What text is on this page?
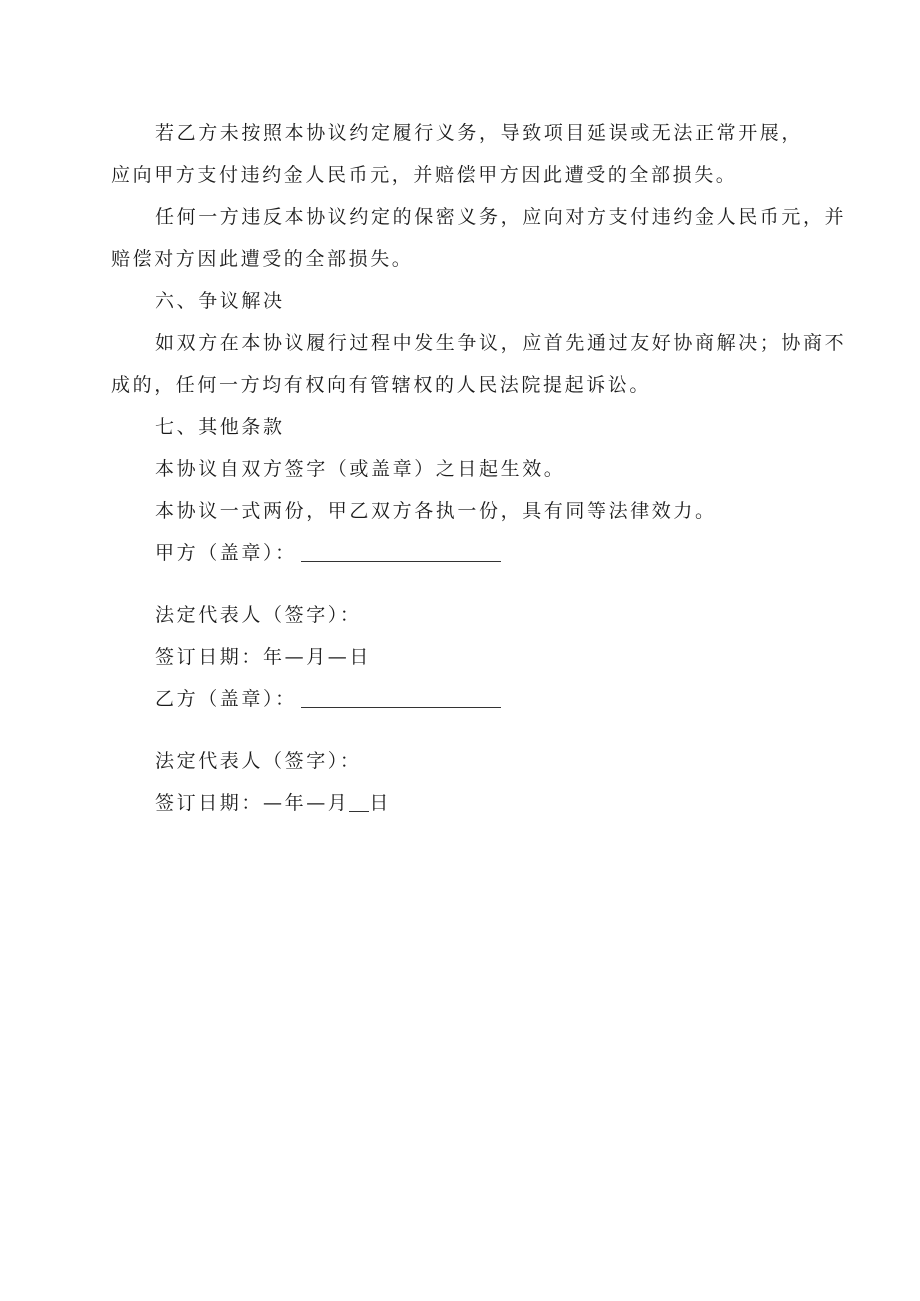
若乙方未按照本协议约定履行义务，导致项目延误或无法正常开展，
应向甲方支付违约金人民币元，并赔偿甲方因此遭受的全部损失。
任何一方违反本协议约定的保密义务，应向对方支付违约金人民币元，并
赔偿对方因此遭受的全部损失。
六、争议解决
如双方在本协议履行过程中发生争议，应首先通过友好协商解决；协商不
成的，任何一方均有权向有管辖权的人民法院提起诉讼。
七、其他条款
本协议自双方签字（或盖章）之日起生效。
本协议一式两份，甲乙双方各执一份，具有同等法律效力。
甲方（盖章）：
法定代表人（签字）：
签订日期：年—月—日
乙方（盖章）：
法定代表人（签字）：
签订日期：—年—月 日
